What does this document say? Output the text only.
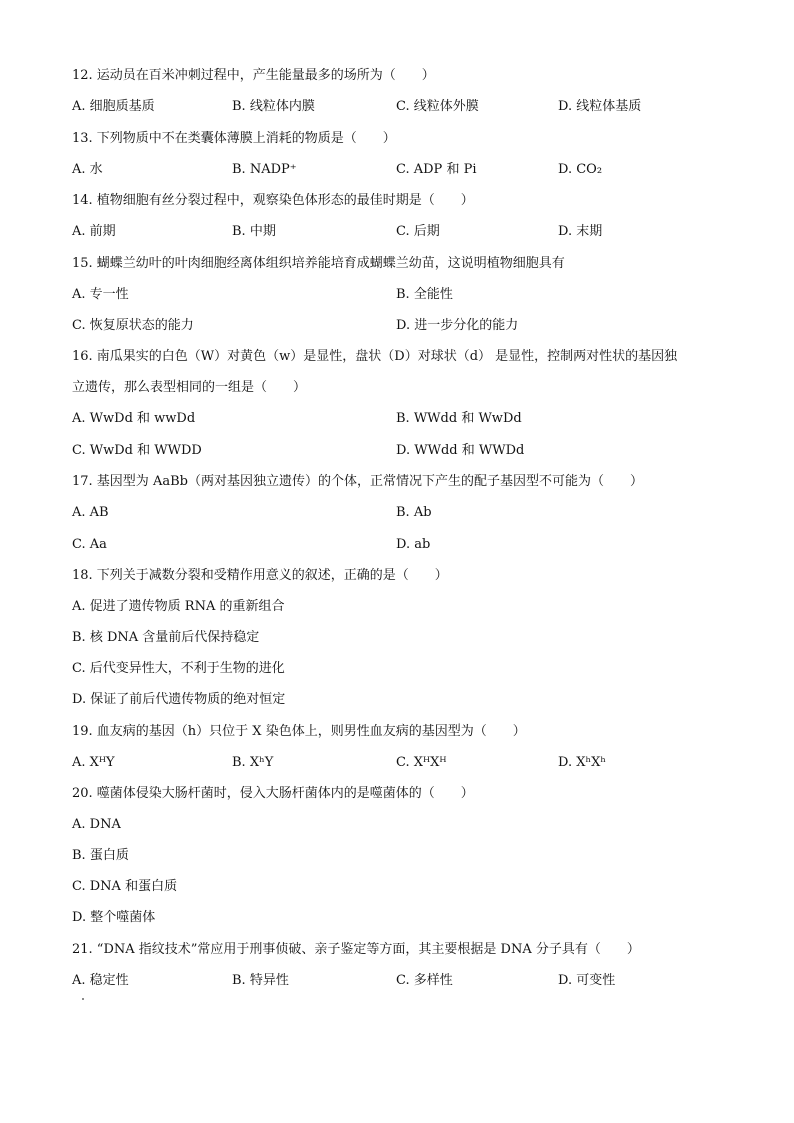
12. 运动员在百米冲刺过程中，产生能量最多的场所为（　　）
A. 细胞质基质	B. 线粒体内膜	C. 线粒体外膜	D. 线粒体基质
13. 下列物质中不在类囊体薄膜上消耗的物质是（　　）
A. 水	B. NADP⁺	C. ADP 和 Pi	D. CO₂
14. 植物细胞有丝分裂过程中，观察染色体形态的最佳时期是（　　）
A. 前期	B. 中期	C. 后期	D. 末期
15. 蝴蝶兰幼叶的叶肉细胞经离体组织培养能培育成蝴蝶兰幼苗，这说明植物细胞具有
A. 专一性	B. 全能性
C. 恢复原状态的能力	D. 进一步分化的能力
16. 南瓜果实的白色（W）对黄色（w）是显性，盘状（D）对球状（d） 是显性，控制两对性状的基因独
立遗传，那么表型相同的一组是（　　）
A. WwDd 和 wwDd	B. WWdd 和 WwDd
C. WwDd 和 WWDD	D. WWdd 和 WWDd
17. 基因型为 AaBb（两对基因独立遗传）的个体，正常情况下产生的配子基因型不可能为（　　）
A. AB	B. Ab
C. Aa	D. ab
18. 下列关于减数分裂和受精作用意义的叙述，正确的是（　　）
A. 促进了遗传物质 RNA 的重新组合
B. 核 DNA 含量前后代保持稳定
C. 后代变异性大，不利于生物的进化
D. 保证了前后代遗传物质的绝对恒定
19. 血友病的基因（h）只位于 X 染色体上，则男性血友病的基因型为（　　）
A. XᴴY	B. XʰY	C. XᴴXᴴ	D. XʰXʰ
20. 噬菌体侵染大肠杆菌时，侵入大肠杆菌体内的是噬菌体的（　　）
A. DNA
B. 蛋白质
C. DNA 和蛋白质
D. 整个噬菌体
21. “DNA 指纹技术”常应用于刑事侦破、亲子鉴定等方面，其主要根据是 DNA 分子具有（　　）
A. 稳定性	B. 特异性	C. 多样性	D. 可变性
